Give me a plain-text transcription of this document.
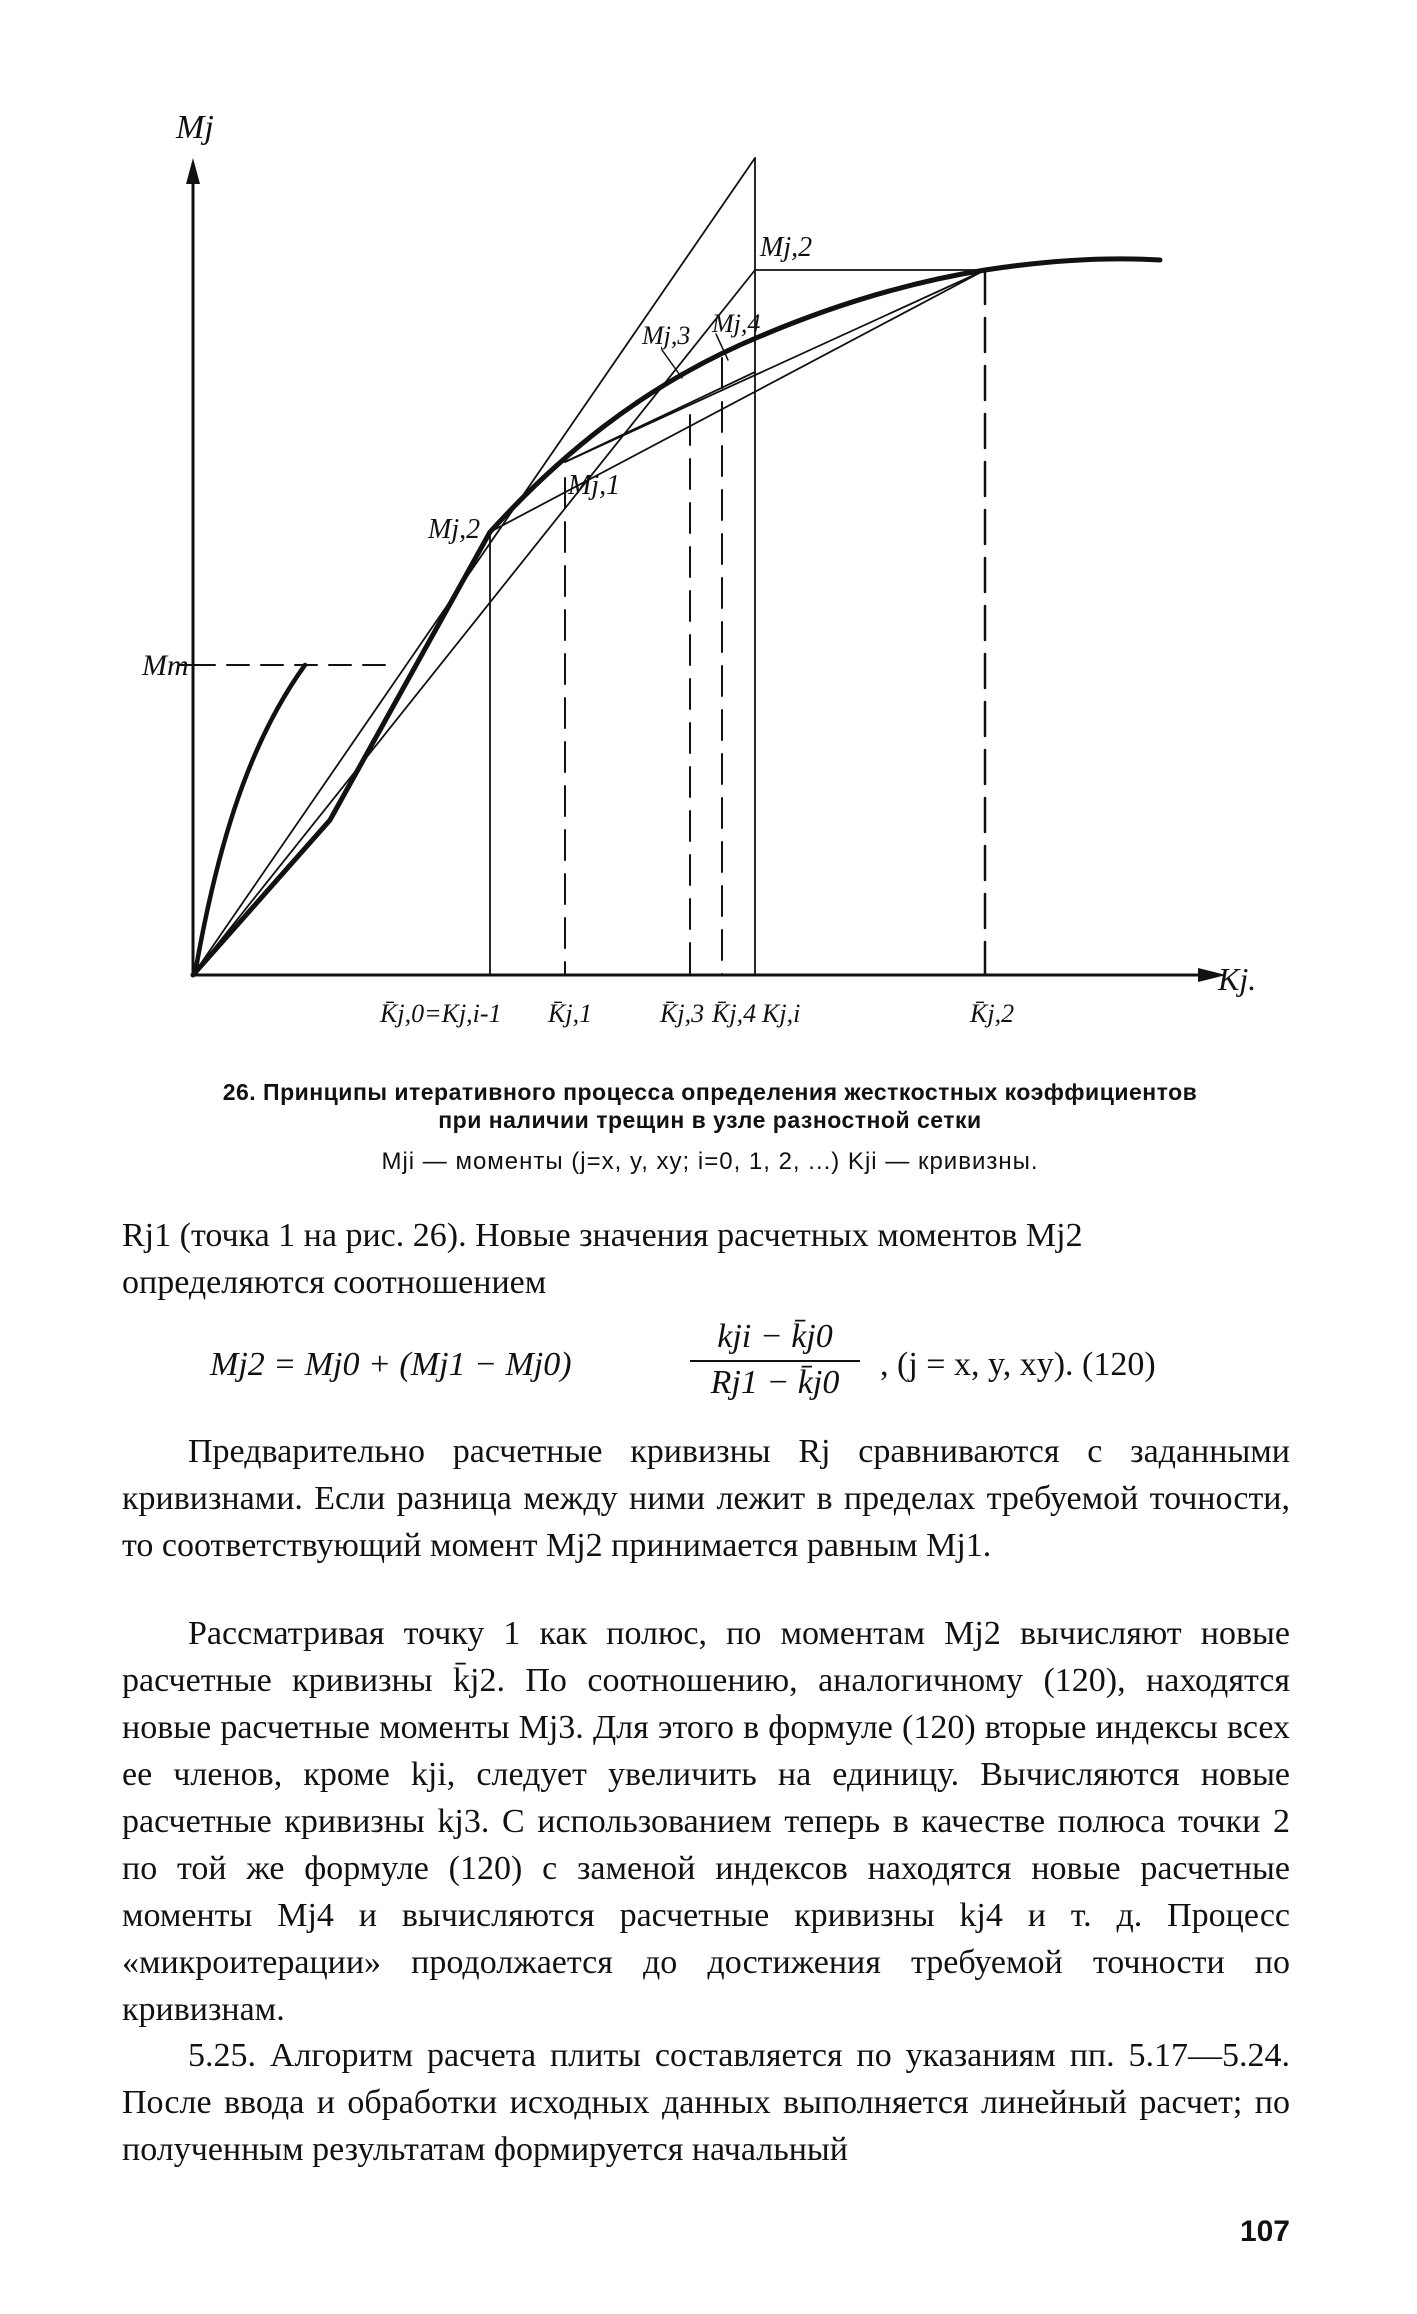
Mj
Kj.
Mт
Mj,2
Mj,3 Mj,4
Mj,1
Mj,2
K̄j,0=Kj,i-1 K̄j,1	K̄j,3 K̄j,4 Kj,i	K̄j,2
26. Принципы итеративного процесса определения жесткостных коэффициентов
при наличии трещин в узле разностной сетки
Mji — моменты (j=x, y, xy; i=0, 1, 2, ...) Kji — кривизны.
Rj1 (точка 1 на рис. 26). Новые значения расчетных моментов Mj2
определяются соотношением
Mj2 = Mj0 + (Mj1 − Mj0)
kji − k̄j0
Rj1 − k̄j0	, (j = x, y, xy). (120)

Предварительно расчетные кривизны Rj сравниваются с заданными кривизнами. Если разница между ними лежит в пределах требуемой точности, то соответствующий момент Mj2 принимается равным Mj1.

Рассматривая точку 1 как полюс, по моментам Mj2 вычисляют новые расчетные кривизны k̄j2. По соотношению, аналогичному (120), находятся новые расчетные моменты Mj3. Для этого в формуле (120) вторые индексы всех ее членов, кроме kji, следует увеличить на единицу. Вычисляются новые расчетные кривизны kj3. С использованием теперь в качестве полюса точки 2 по той же формуле (120) с заменой индексов находятся новые расчетные моменты Mj4 и вычисляются расчетные кривизны kj4 и т. д. Процесс «микроитерации» продолжается до достижения требуемой точности по кривизнам.

5.25. Алгоритм расчета плиты составляется по указаниям пп. 5.17—5.24. После ввода и обработки исходных данных выполняется линейный расчет; по полученным результатам формируется начальный

107
